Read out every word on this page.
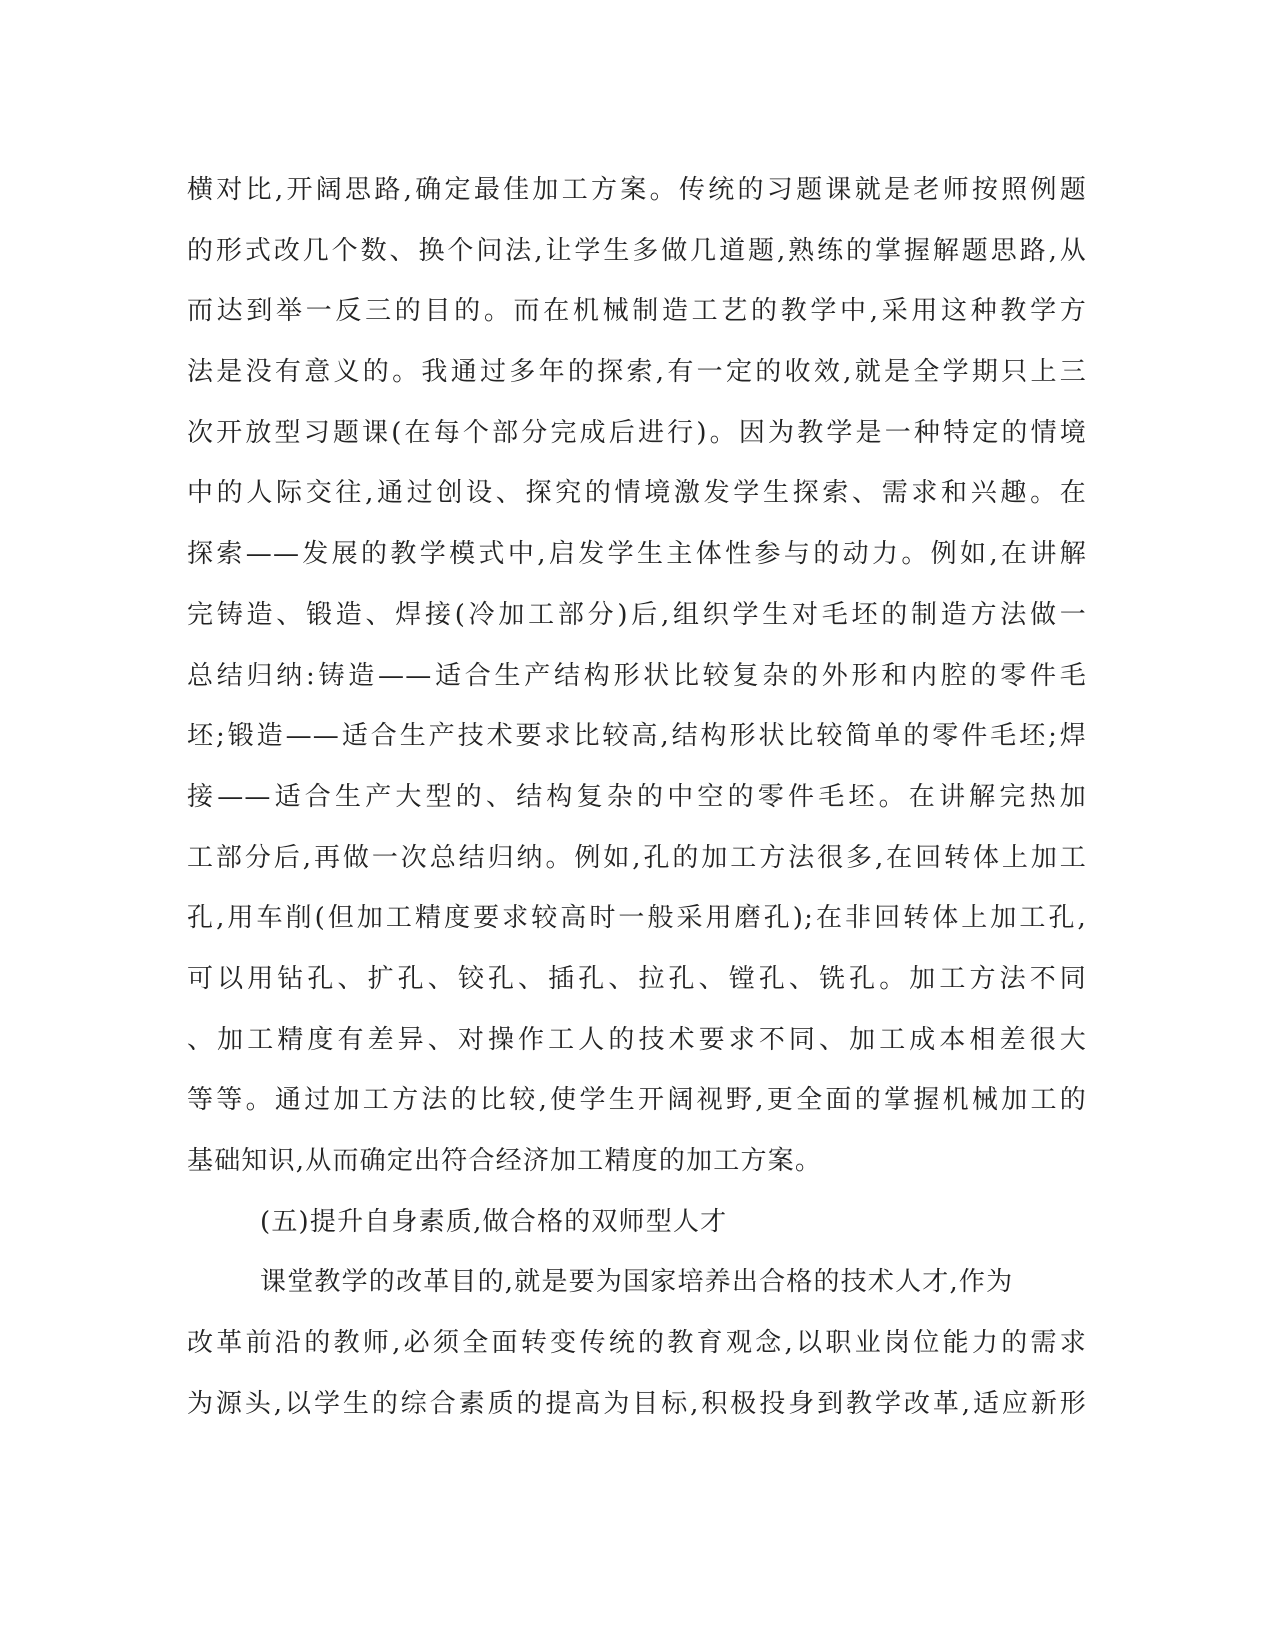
横对比,开阔思路,确定最佳加工方案。传统的习题课就是老师按照例题
的形式改几个数、换个问法,让学生多做几道题,熟练的掌握解题思路,从
而达到举一反三的目的。而在机械制造工艺的教学中,采用这种教学方
法是没有意义的。我通过多年的探索,有一定的收效,就是全学期只上三
次开放型习题课(在每个部分完成后进行)。因为教学是一种特定的情境
中的人际交往,通过创设、探究的情境激发学生探索、需求和兴趣。在
探索——发展的教学模式中,启发学生主体性参与的动力。例如,在讲解
完铸造、锻造、焊接(冷加工部分)后,组织学生对毛坯的制造方法做一
总结归纳:铸造——适合生产结构形状比较复杂的外形和内腔的零件毛
坯;锻造——适合生产技术要求比较高,结构形状比较简单的零件毛坯;焊
接——适合生产大型的、结构复杂的中空的零件毛坯。在讲解完热加
工部分后,再做一次总结归纳。例如,孔的加工方法很多,在回转体上加工
孔,用车削(但加工精度要求较高时一般采用磨孔);在非回转体上加工孔,
可以用钻孔、扩孔、铰孔、插孔、拉孔、镗孔、铣孔。加工方法不同
、加工精度有差异、对操作工人的技术要求不同、加工成本相差很大
等等。通过加工方法的比较,使学生开阔视野,更全面的掌握机械加工的
基础知识,从而确定出符合经济加工精度的加工方案。
(五)提升自身素质,做合格的双师型人才
课堂教学的改革目的,就是要为国家培养出合格的技术人才,作为
改革前沿的教师,必须全面转变传统的教育观念,以职业岗位能力的需求
为源头,以学生的综合素质的提高为目标,积极投身到教学改革,适应新形
